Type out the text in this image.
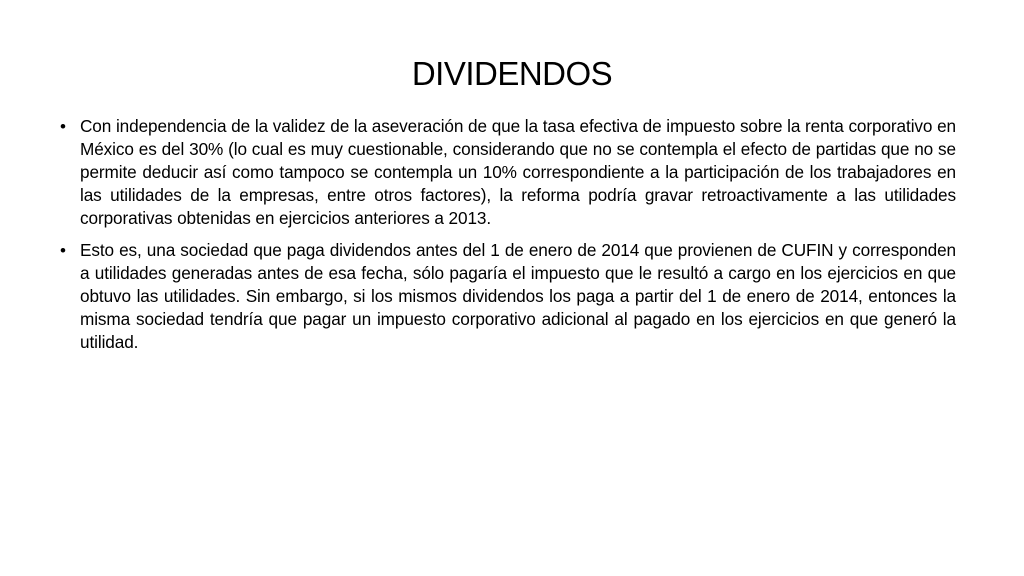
DIVIDENDOS
• Con independencia de la validez de la aseveración de que la tasa efectiva de impuesto sobre la renta corporativo en México es del 30% (lo cual es muy cuestionable, considerando que no se contempla el efecto de partidas que no se permite deducir así como tampoco se contempla un 10% correspondiente a la participación de los trabajadores en las utilidades de la empresas, entre otros factores), la reforma podría gravar retroactivamente a las utilidades corporativas obtenidas en ejercicios anteriores a 2013.
• Esto es, una sociedad que paga dividendos antes del 1 de enero de 2014 que provienen de CUFIN y corresponden a utilidades generadas antes de esa fecha, sólo pagaría el impuesto que le resultó a cargo en los ejercicios en que obtuvo las utilidades. Sin embargo, si los mismos dividendos los paga a partir del 1 de enero de 2014, entonces la misma sociedad tendría que pagar un impuesto corporativo adicional al pagado en los ejercicios en que generó la utilidad.
